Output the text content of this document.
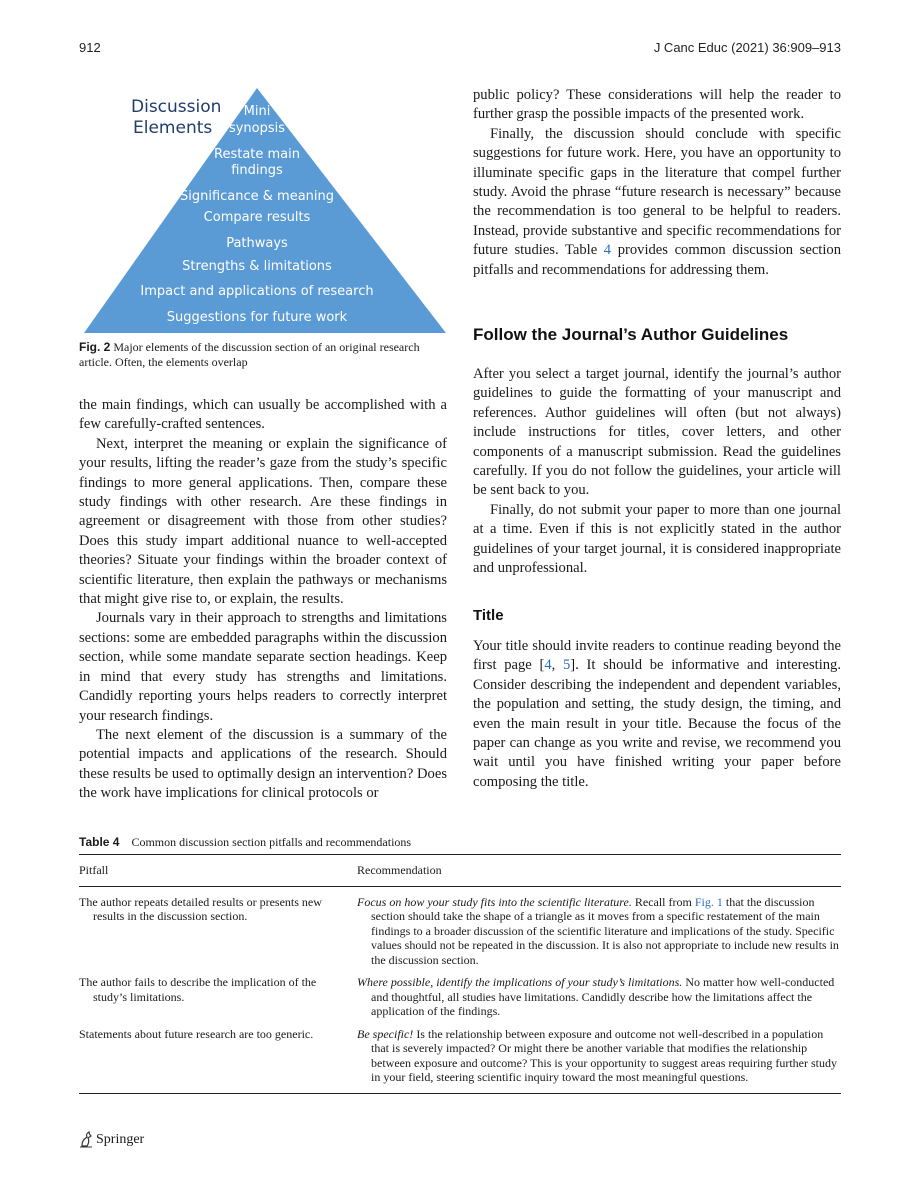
912	J Canc Educ (2021) 36:909–913
Discussion
Elements
Mini
synopsis
Restate main
findings
Significance & meaning
Compare results
Pathways
Strengths & limitations
Impact and applications of research
Suggestions for future work
Fig. 2 Major elements of the discussion section of an original research article. Often, the elements overlap

the main findings, which can usually be accomplished with a few carefully-crafted sentences.

Next, interpret the meaning or explain the significance of your results, lifting the reader’s gaze from the study’s specific findings to more general applications. Then, compare these study findings with other research. Are these findings in agreement or disagreement with those from other studies? Does this study impart additional nuance to well-accepted theories? Situate your findings within the broader context of scientific literature, then explain the pathways or mechanisms that might give rise to, or explain, the results.

Journals vary in their approach to strengths and limitations sections: some are embedded paragraphs within the discussion section, while some mandate separate section headings. Keep in mind that every study has strengths and limitations. Candidly reporting yours helps readers to correctly interpret your research findings.

The next element of the discussion is a summary of the potential impacts and applications of the research. Should these results be used to optimally design an intervention? Does the work have implications for clinical protocols or

public policy? These considerations will help the reader to further grasp the possible impacts of the presented work.

Finally, the discussion should conclude with specific suggestions for future work. Here, you have an opportunity to illuminate specific gaps in the literature that compel further study. Avoid the phrase “future research is necessary” because the recommendation is too general to be helpful to readers. Instead, provide substantive and specific recommendations for future studies. Table 4 provides common discussion section pitfalls and recommendations for addressing them.

Follow the Journal’s Author Guidelines

After you select a target journal, identify the journal’s author guidelines to guide the formatting of your manuscript and references. Author guidelines will often (but not always) include instructions for titles, cover letters, and other components of a manuscript submission. Read the guidelines carefully. If you do not follow the guidelines, your article will be sent back to you.

Finally, do not submit your paper to more than one journal at a time. Even if this is not explicitly stated in the author guidelines of your target journal, it is considered inappropriate and unprofessional.

Title

Your title should invite readers to continue reading beyond the first page [4, 5]. It should be informative and interesting. Consider describing the independent and dependent variables, the population and setting, the study design, the timing, and even the main result in your title. Because the focus of the paper can change as you write and revise, we recommend you wait until you have finished writing your paper before composing the title.

Table 4 Common discussion section pitfalls and recommendations
Pitfall	Recommendation
The author repeats detailed results or presents new results in the discussion section.	Focus on how your study fits into the scientific literature. Recall from Fig. 1 that the discussion section should take the shape of a triangle as it moves from a specific restatement of the main findings to a broader discussion of the scientific literature and implications of the study. Specific values should not be repeated in the discussion. It is also not appropriate to include new results in the discussion section.

The author fails to describe the implication of the study’s limitations.	Where possible, identify the implications of your study’s limitations. No matter how well-conducted and thoughtful, all studies have limitations. Candidly describe how the limitations affect the application of the findings.

Statements about future research are too generic.	Be specific! Is the relationship between exposure and outcome not well-described in a population that is severely impacted? Or might there be another variable that modifies the relationship between exposure and outcome? This is your opportunity to suggest areas requiring further study in your field, steering scientific inquiry toward the most meaningful questions.
Springer
